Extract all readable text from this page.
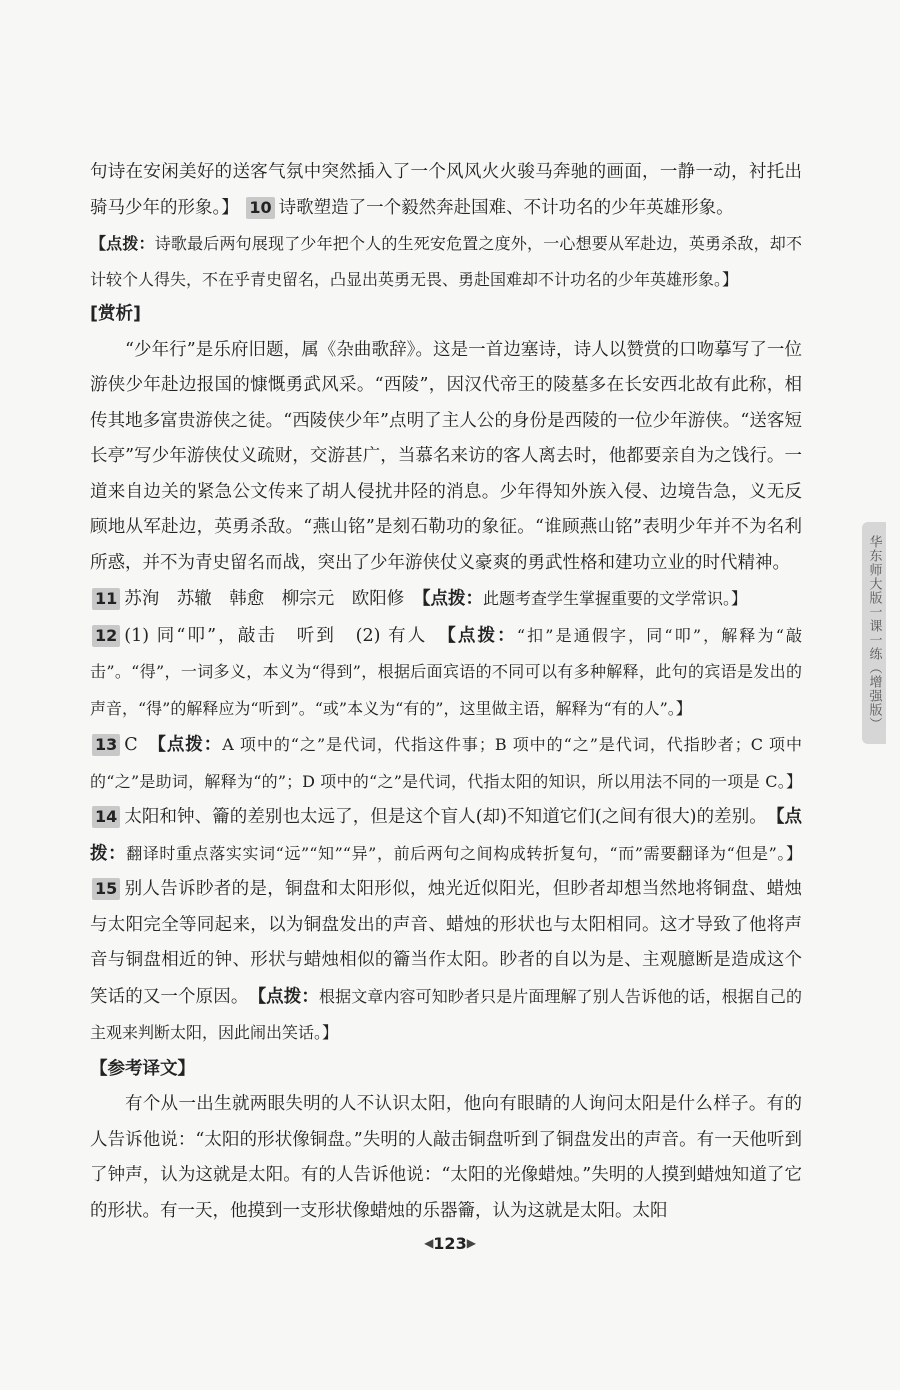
句诗在安闲美好的送客气氛中突然插入了一个风风火火骏马奔驰的画面，一静一动，衬托出骑马少年的形象。】 10 诗歌塑造了一个毅然奔赴国难、不计功名的少年英雄形象。

【点拨：诗歌最后两句展现了少年把个人的生死安危置之度外，一心想要从军赴边，英勇杀敌，却不计较个人得失，不在乎青史留名，凸显出英勇无畏、勇赴国难却不计功名的少年英雄形象。】

[赏析]

“少年行”是乐府旧题，属《杂曲歌辞》。这是一首边塞诗，诗人以赞赏的口吻摹写了一位游侠少年赴边报国的慷慨勇武风采。“西陵”，因汉代帝王的陵墓多在长安西北故有此称，相传其地多富贵游侠之徒。“西陵侠少年”点明了主人公的身份是西陵的一位少年游侠。“送客短长亭”写少年游侠仗义疏财，交游甚广，当慕名来访的客人离去时，他都要亲自为之饯行。一道来自边关的紧急公文传来了胡人侵扰井陉的消息。少年得知外族入侵、边境告急，义无反顾地从军赴边，英勇杀敌。“燕山铭”是刻石勒功的象征。“谁顾燕山铭”表明少年并不为名利所惑，并不为青史留名而战，突出了少年游侠仗义豪爽的勇武性格和建功立业的时代精神。

11 苏洵　苏辙　韩愈　柳宗元　欧阳修　 【点拨：此题考查学生掌握重要的文学常识。】

12 (1) 同“叩”，敲击　听到　(2) 有人　 【点拨：“扣”是通假字，同“叩”，解释为“敲击”。“得”，一词多义，本义为“得到”，根据后面宾语的不同可以有多种解释，此句的宾语是发出的声音，“得”的解释应为“听到”。“或”本义为“有的”，这里做主语，解释为“有的人”。】

13 C　 【点拨：A 项中的“之”是代词，代指这件事；B 项中的“之”是代词，代指眇者；C 项中的“之”是助词，解释为“的”；D 项中的“之”是代词，代指太阳的知识，所以用法不同的一项是 C。】 14 太阳和钟、籥的差别也太远了，但是这个盲人(却)不知道它们(之间有很大)的差别。　 【点拨：翻译时重点落实实词“远”“知”“异”，前后两句之间构成转折复句，“而”需要翻译为“但是”。】 15 别人告诉眇者的是，铜盘和太阳形似，烛光近似阳光，但眇者却想当然地将铜盘、蜡烛与太阳完全等同起来，以为铜盘发出的声音、蜡烛的形状也与太阳相同。这才导致了他将声音与铜盘相近的钟、形状与蜡烛相似的籥当作太阳。眇者的自以为是、主观臆断是造成这个笑话的又一个原因。　 【点拨：根据文章内容可知眇者只是片面理解了别人告诉他的话，根据自己的主观来判断太阳，因此闹出笑话。】

【参考译文】

有个从一出生就两眼失明的人不认识太阳，他向有眼睛的人询问太阳是什么样子。有的人告诉他说：“太阳的形状像铜盘。”失明的人敲击铜盘听到了铜盘发出的声音。有一天他听到了钟声，认为这就是太阳。有的人告诉他说：“太阳的光像蜡烛。”失明的人摸到蜡烛知道了它的形状。有一天，他摸到一支形状像蜡烛的乐器籥，认为这就是太阳。太阳

华东师大版一课一练（增强版）
◀123▶
